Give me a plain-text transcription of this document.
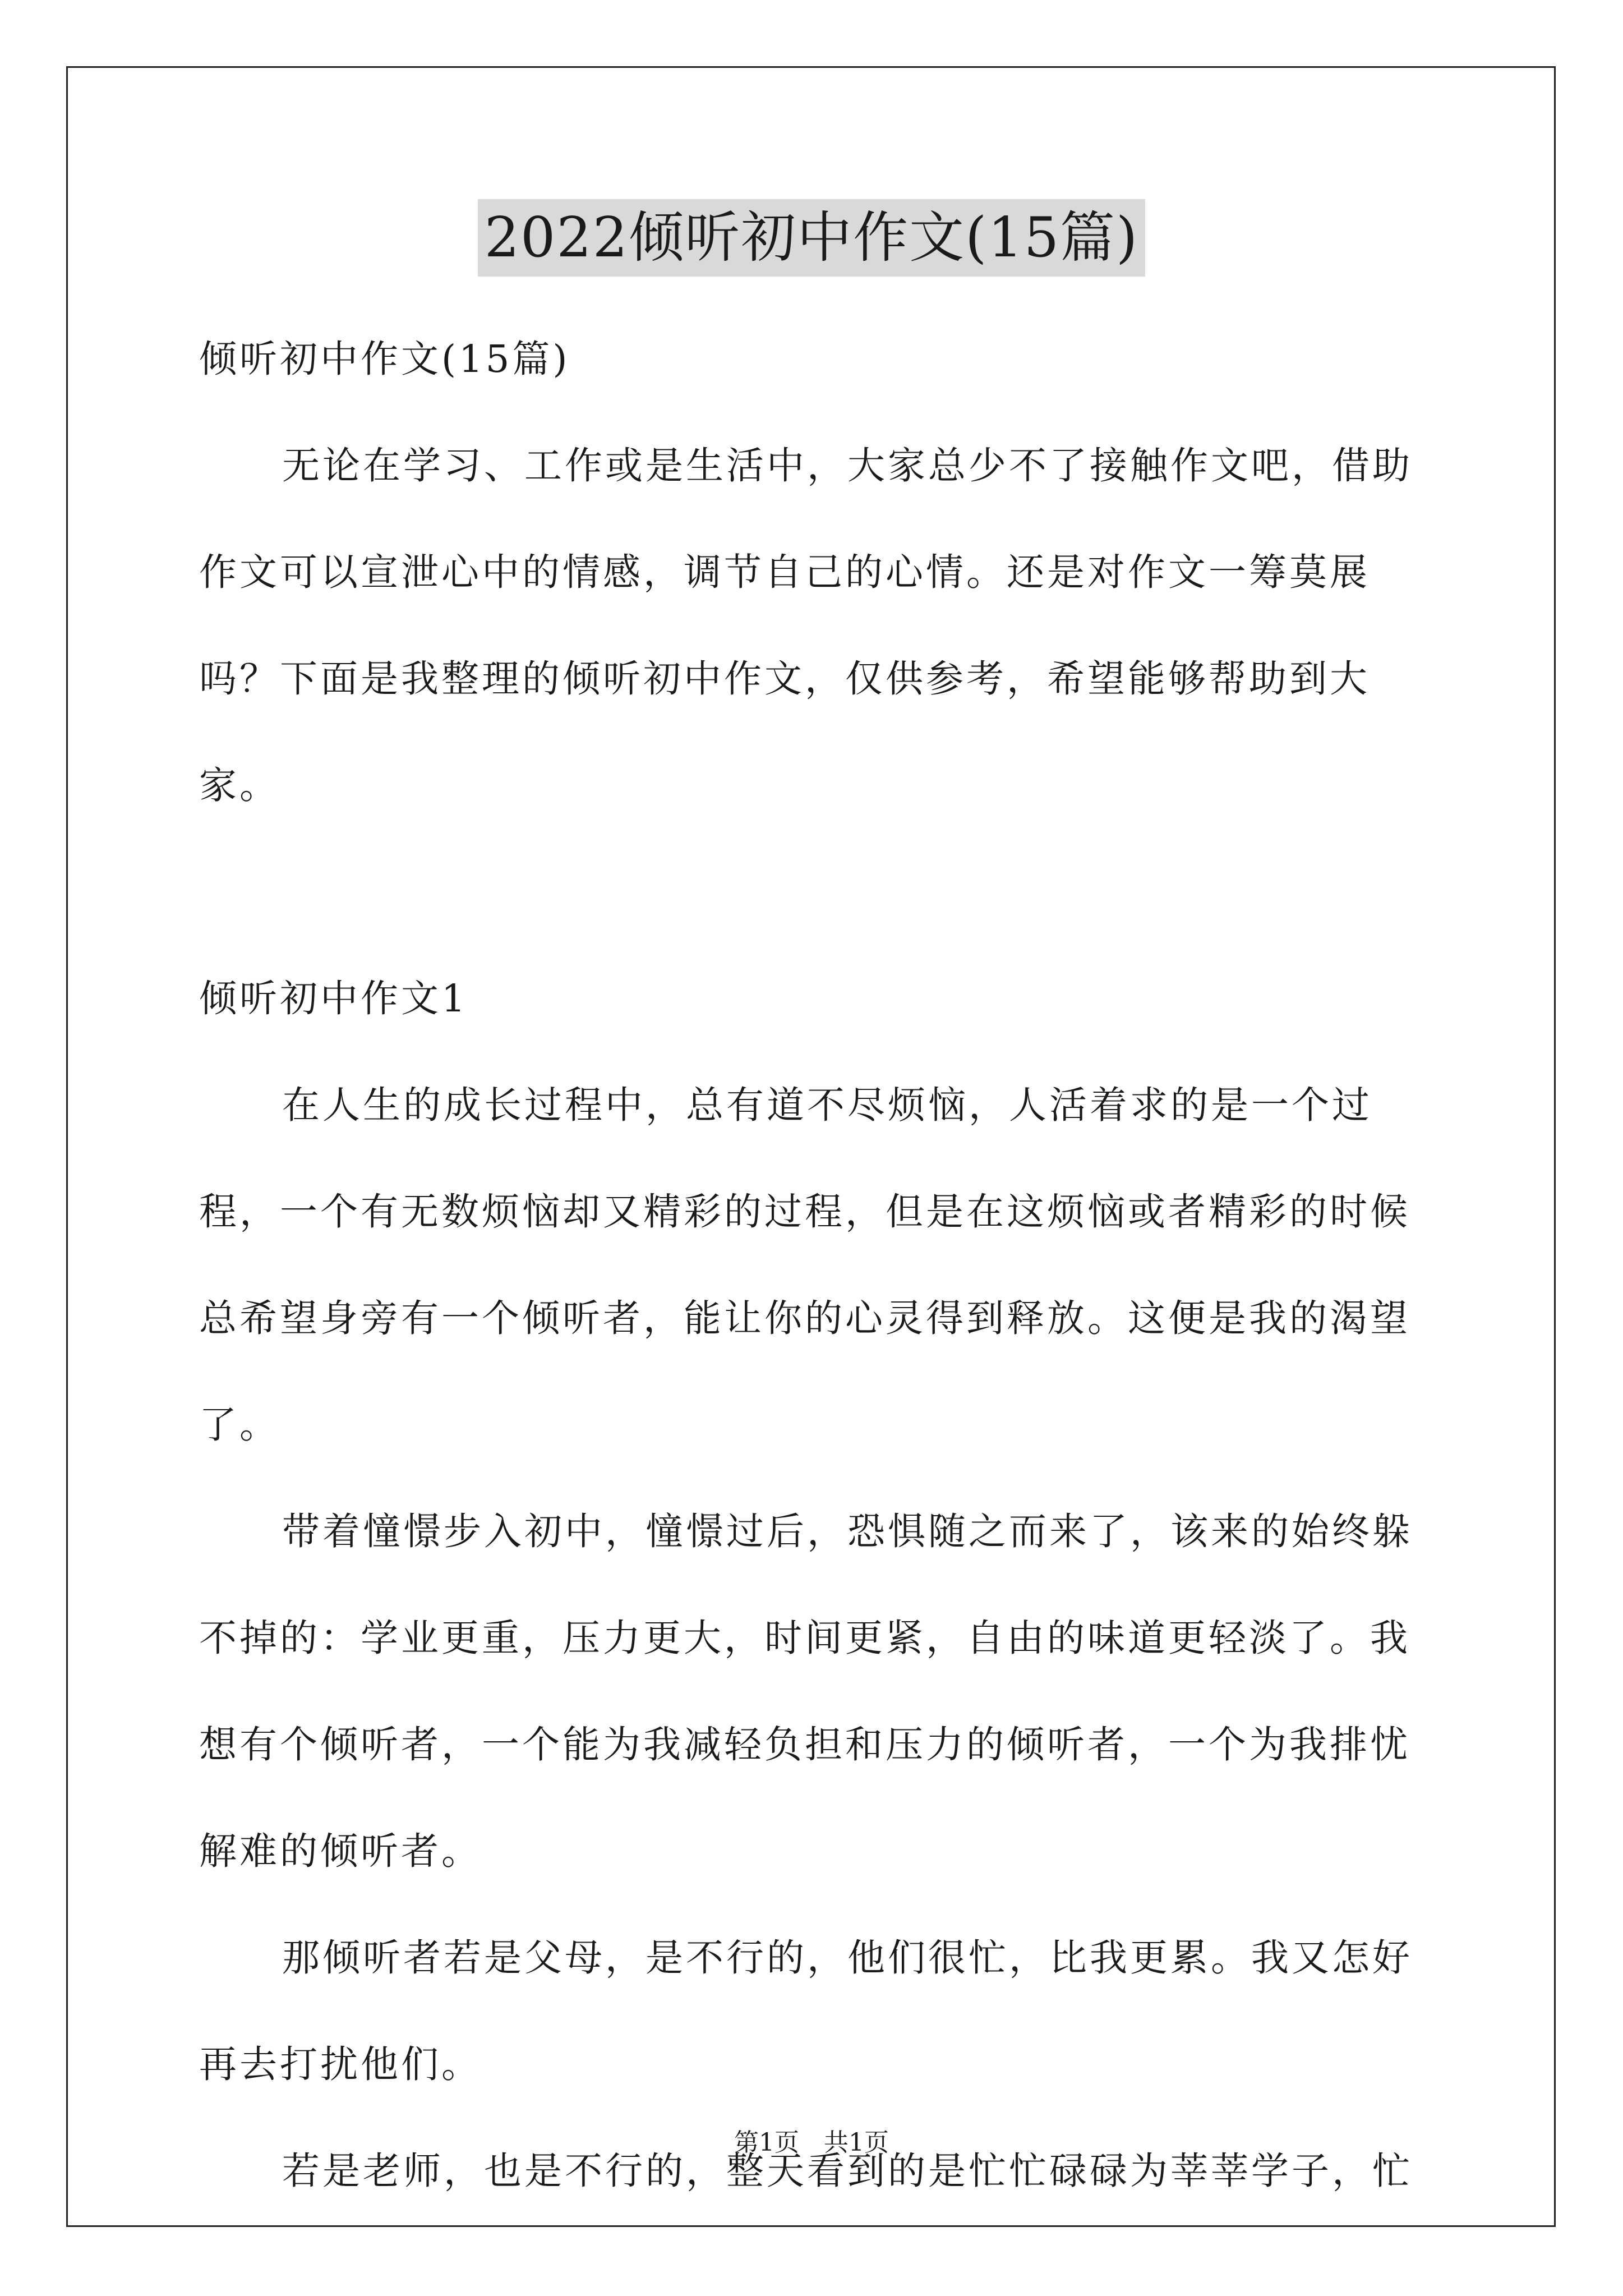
2022倾听初中作文(15篇)

倾听初中作文(15篇)

无论在学习、工作或是生活中，大家总少不了接触作文吧，借助作文可以宣泄心中的情感，调节自己的心情。还是对作文一筹莫展吗？下面是我整理的倾听初中作文，仅供参考，希望能够帮助到大家。

倾听初中作文1

在人生的成长过程中，总有道不尽烦恼，人活着求的是一个过程，一个有无数烦恼却又精彩的过程，但是在这烦恼或者精彩的时候总希望身旁有一个倾听者，能让你的心灵得到释放。这便是我的渴望了。

带着憧憬步入初中，憧憬过后，恐惧随之而来了，该来的始终躲不掉的：学业更重，压力更大，时间更紧，自由的味道更轻淡了。我想有个倾听者，一个能为我减轻负担和压力的倾听者，一个为我排忧解难的倾听者。

那倾听者若是父母，是不行的，他们很忙，比我更累。我又怎好再去打扰他们。

若是老师，也是不行的，整天看到的是忙忙碌碌为莘莘学子，忙

第1页 共1页
